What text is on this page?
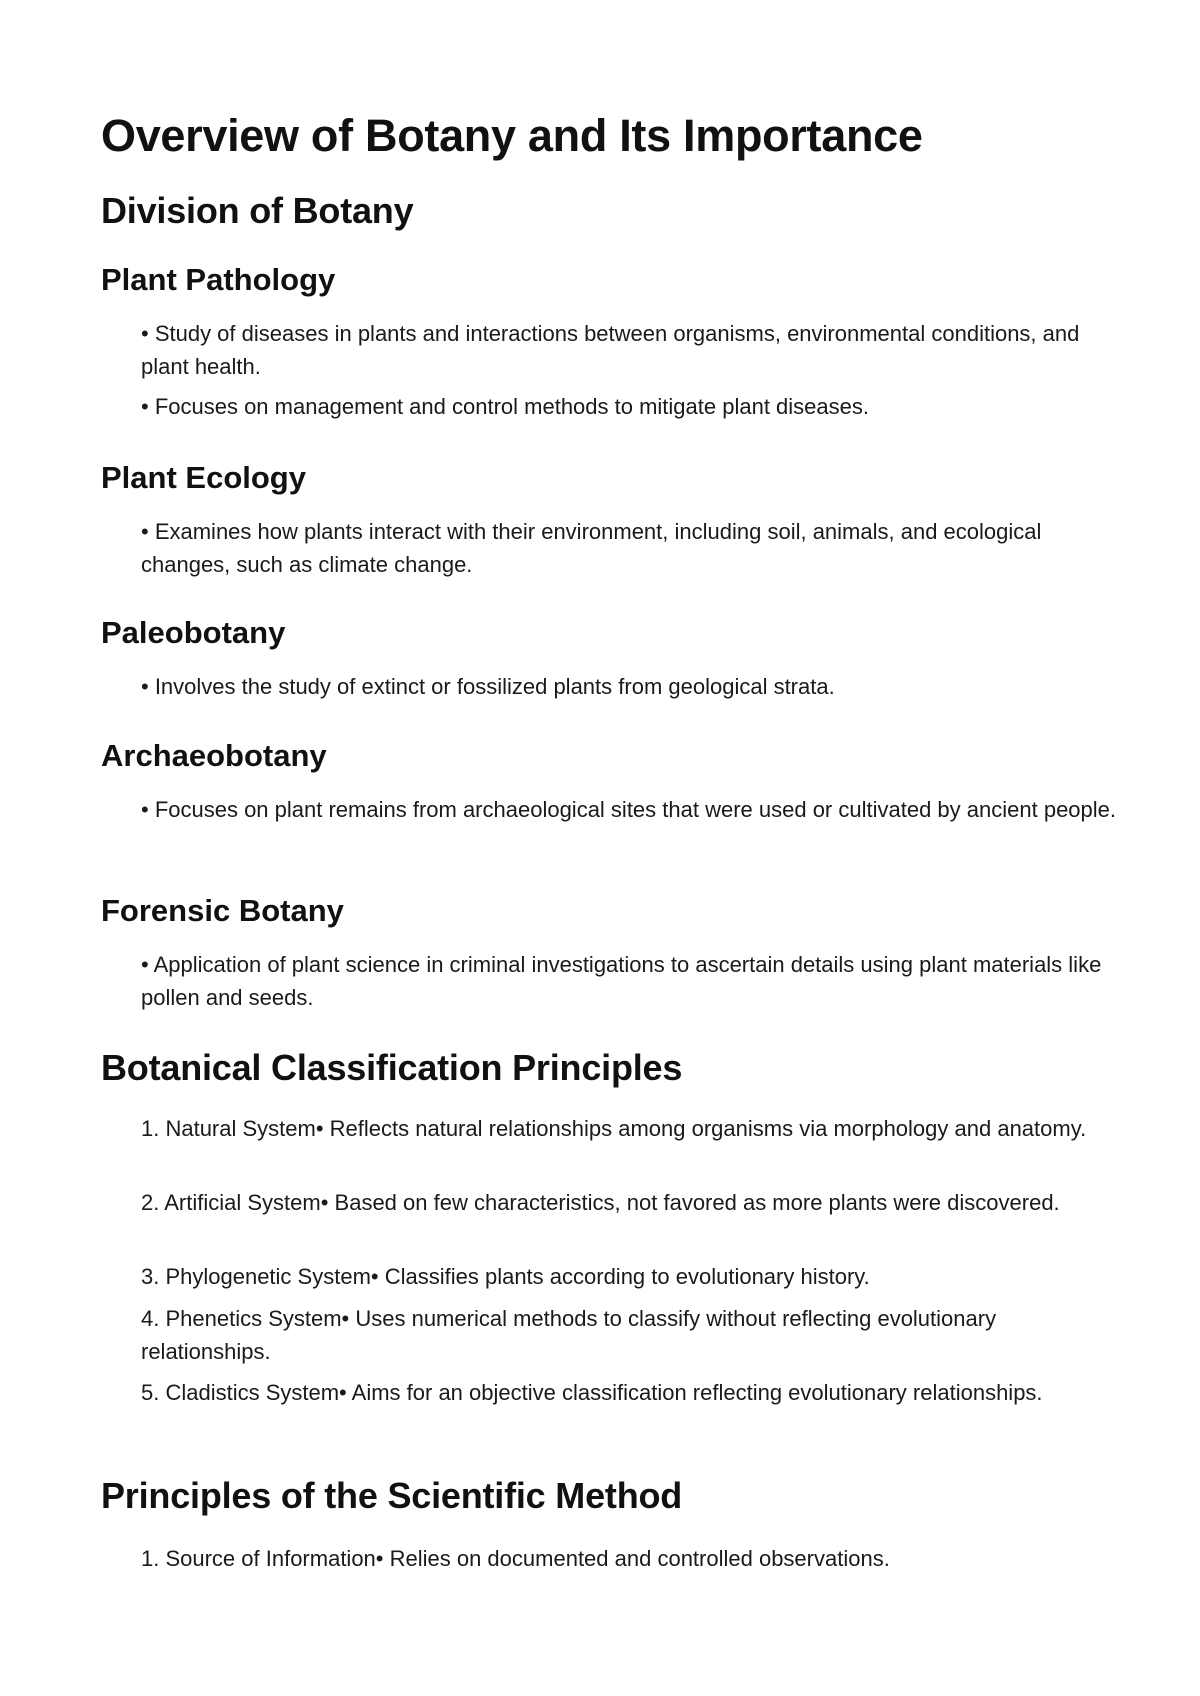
Overview of Botany and Its Importance
Division of Botany
Plant Pathology

• Study of diseases in plants and interactions between organisms, environmental conditions, and plant health.

• Focuses on management and control methods to mitigate plant diseases.

Plant Ecology

• Examines how plants interact with their environment, including soil, animals, and ecological changes, such as climate change.

Paleobotany

• Involves the study of extinct or fossilized plants from geological strata.

Archaeobotany

• Focuses on plant remains from archaeological sites that were used or cultivated by ancient people.

Forensic Botany

• Application of plant science in criminal investigations to ascertain details using plant materials like pollen and seeds.

Botanical Classification Principles

1. Natural System• Reflects natural relationships among organisms via morphology and anatomy.

2. Artificial System• Based on few characteristics, not favored as more plants were discovered.

3. Phylogenetic System• Classifies plants according to evolutionary history.

4. Phenetics System• Uses numerical methods to classify without reflecting evolutionary relationships.

5. Cladistics System• Aims for an objective classification reflecting evolutionary relationships.

Principles of the Scientific Method

1. Source of Information• Relies on documented and controlled observations.
